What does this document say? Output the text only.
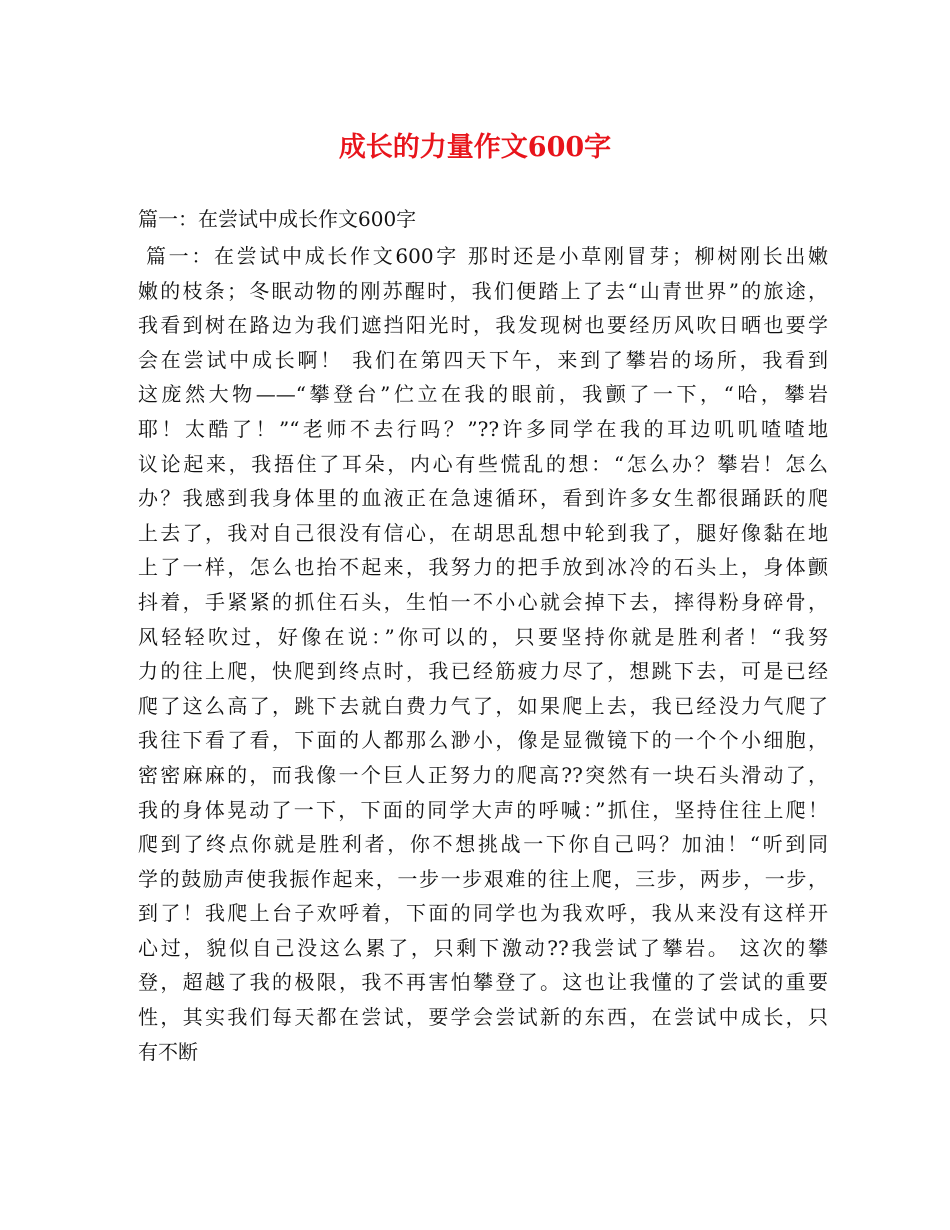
成长的力量作文600字
篇一：在尝试中成长作文600字
篇一：在尝试中成长作文600字 那时还是小草刚冒芽；柳树刚长出嫩
嫩的枝条；冬眠动物的刚苏醒时，我们便踏上了去“山青世界”的旅途，
我看到树在路边为我们遮挡阳光时，我发现树也要经历风吹日晒也要学
会在尝试中成长啊！ 我们在第四天下午，来到了攀岩的场所，我看到
这庞然大物——“攀登台”伫立在我的眼前，我颤了一下，“哈，攀岩
耶！太酷了！”“老师不去行吗？”??许多同学在我的耳边叽叽喳喳地
议论起来，我捂住了耳朵，内心有些慌乱的想：“怎么办？攀岩！怎么
办？我感到我身体里的血液正在急速循环，看到许多女生都很踊跃的爬
上去了，我对自己很没有信心，在胡思乱想中轮到我了，腿好像黏在地
上了一样，怎么也抬不起来，我努力的把手放到冰冷的石头上，身体颤
抖着，手紧紧的抓住石头，生怕一不小心就会掉下去，摔得粉身碎骨，
风轻轻吹过，好像在说：”你可以的，只要坚持你就是胜利者！“我努
力的往上爬，快爬到终点时，我已经筋疲力尽了，想跳下去，可是已经
爬了这么高了，跳下去就白费力气了，如果爬上去，我已经没力气爬了
我往下看了看，下面的人都那么渺小，像是显微镜下的一个个小细胞，
密密麻麻的，而我像一个巨人正努力的爬高??突然有一块石头滑动了，
我的身体晃动了一下，下面的同学大声的呼喊：”抓住，坚持住往上爬！
爬到了终点你就是胜利者，你不想挑战一下你自己吗？加油！“听到同
学的鼓励声使我振作起来，一步一步艰难的往上爬，三步，两步，一步，
到了！我爬上台子欢呼着，下面的同学也为我欢呼，我从来没有这样开
心过，貌似自己没这么累了，只剩下激动??我尝试了攀岩。 这次的攀
登，超越了我的极限，我不再害怕攀登了。这也让我懂的了尝试的重要
性，其实我们每天都在尝试，要学会尝试新的东西，在尝试中成长，只
有不断
